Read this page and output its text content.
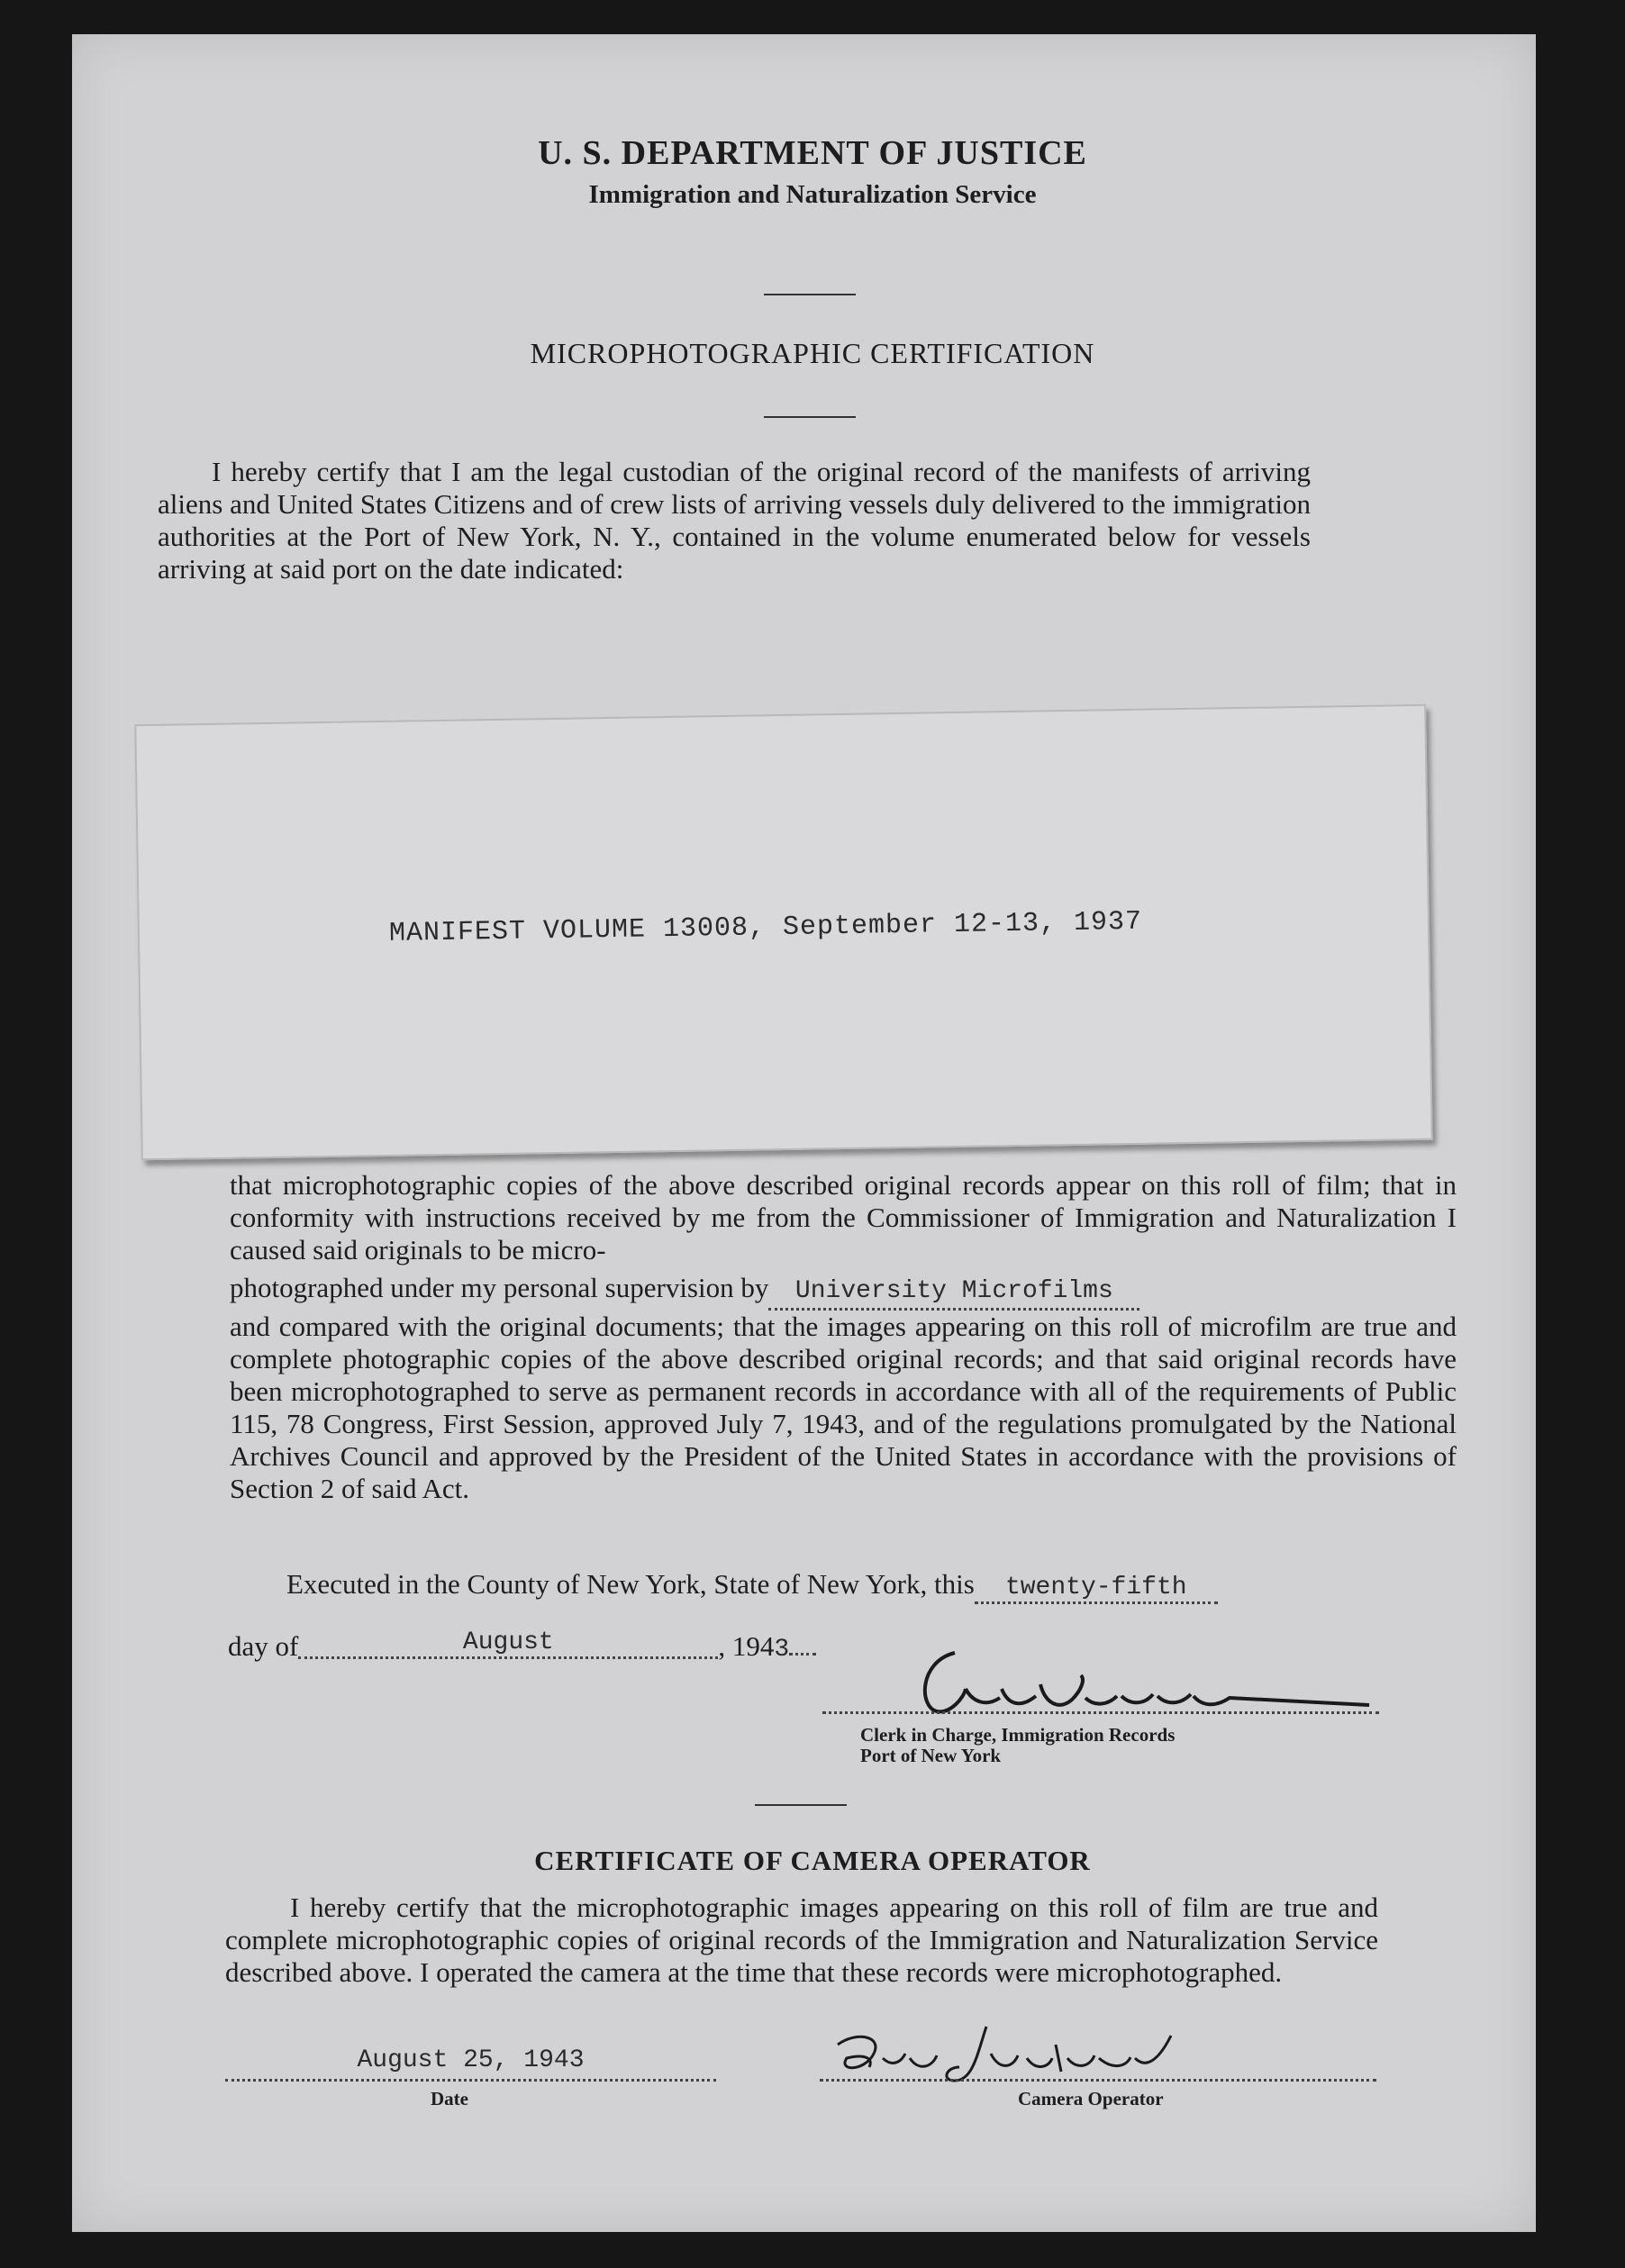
U. S. DEPARTMENT OF JUSTICE
Immigration and Naturalization Service
MICROPHOTOGRAPHIC CERTIFICATION

I hereby certify that I am the legal custodian of the original record of the manifests of arriving aliens and United States Citizens and of crew lists of arriving vessels duly delivered to the immigration authorities at the Port of New York, N. Y., contained in the volume enumerated below for vessels arriving at said port on the date indicated:

MANIFEST VOLUME 13008, September 12-13, 1937

that microphotographic copies of the above described original records appear on this roll of film; that in conformity with instructions received by me from the Commissioner of Immigration and Naturalization I caused said originals to be micro-

photographed under my personal supervision by University Microfilms

and compared with the original documents; that the images appearing on this roll of microfilm are true and complete photographic copies of the above described original records; and that said original records have been microphotographed to serve as permanent records in accordance with all of the requirements of Public 115, 78 Congress, First Session, approved July 7, 1943, and of the regulations promulgated by the National Archives Council and approved by the President of the United States in accordance with the provisions of Section 2 of said Act.

Executed in the County of New York, State of New York, this twenty-fifth
day of	August	, 1943
Clerk in Charge, Immigration Records
Port of New York
CERTIFICATE OF CAMERA OPERATOR

I hereby certify that the microphotographic images appearing on this roll of film are true and complete microphotographic copies of original records of the Immigration and Naturalization Service described above. I operated the camera at the time that these records were microphotographed.

August 25, 1943
Date	Camera Operator
